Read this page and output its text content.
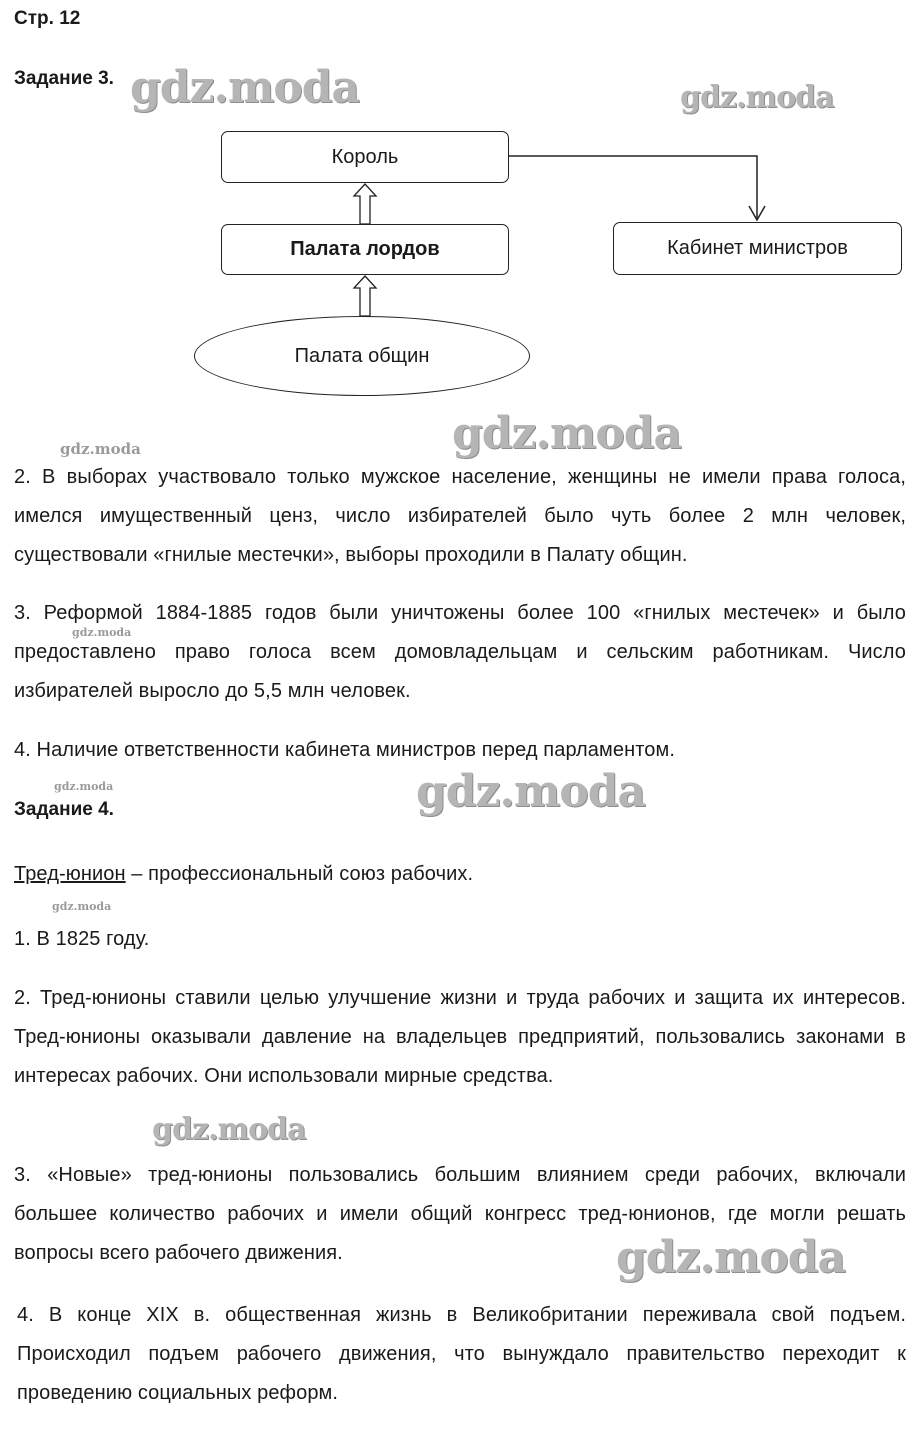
Стр. 12
Задание 3.
Король
Палата лордов	Кабинет министров
Палата общин
2. В выборах участвовало только мужское население, женщины не имели права голоса, имелся имущественный ценз, число избирателей было чуть более 2 млн человек, существовали «гнилые местечки», выборы проходили в Палату общин.
3. Реформой 1884-1885 годов были уничтожены более 100 «гнилых местечек» и было предоставлено право голоса всем домовладельцам и сельским работникам. Число избирателей выросло до 5,5 млн человек.
4. Наличие ответственности кабинета министров перед парламентом.
Задание 4.
Тред-юнион – профессиональный союз рабочих.
1. В 1825 году.
2. Тред-юнионы ставили целью улучшение жизни и труда рабочих и защита их интересов. Тред-юнионы оказывали давление на владельцев предприятий, пользовались законами в интересах рабочих. Они использовали мирные средства.
3. «Новые» тред-юнионы пользовались большим влиянием среди рабочих, включали большее количество рабочих и имели общий конгресс тред-юнионов, где могли решать вопросы всего рабочего движения.
4. В конце XIX в. общественная жизнь в Великобритании переживала свой подъем. Происходил подъем рабочего движения, что вынуждало правительство переходит к проведению социальных реформ.
gdz.moda	gdz.moda
gdz.moda	gdz.moda
gdz.moda
gdz.moda	gdz.moda
gdz.moda
gdz.moda
gdz.moda
